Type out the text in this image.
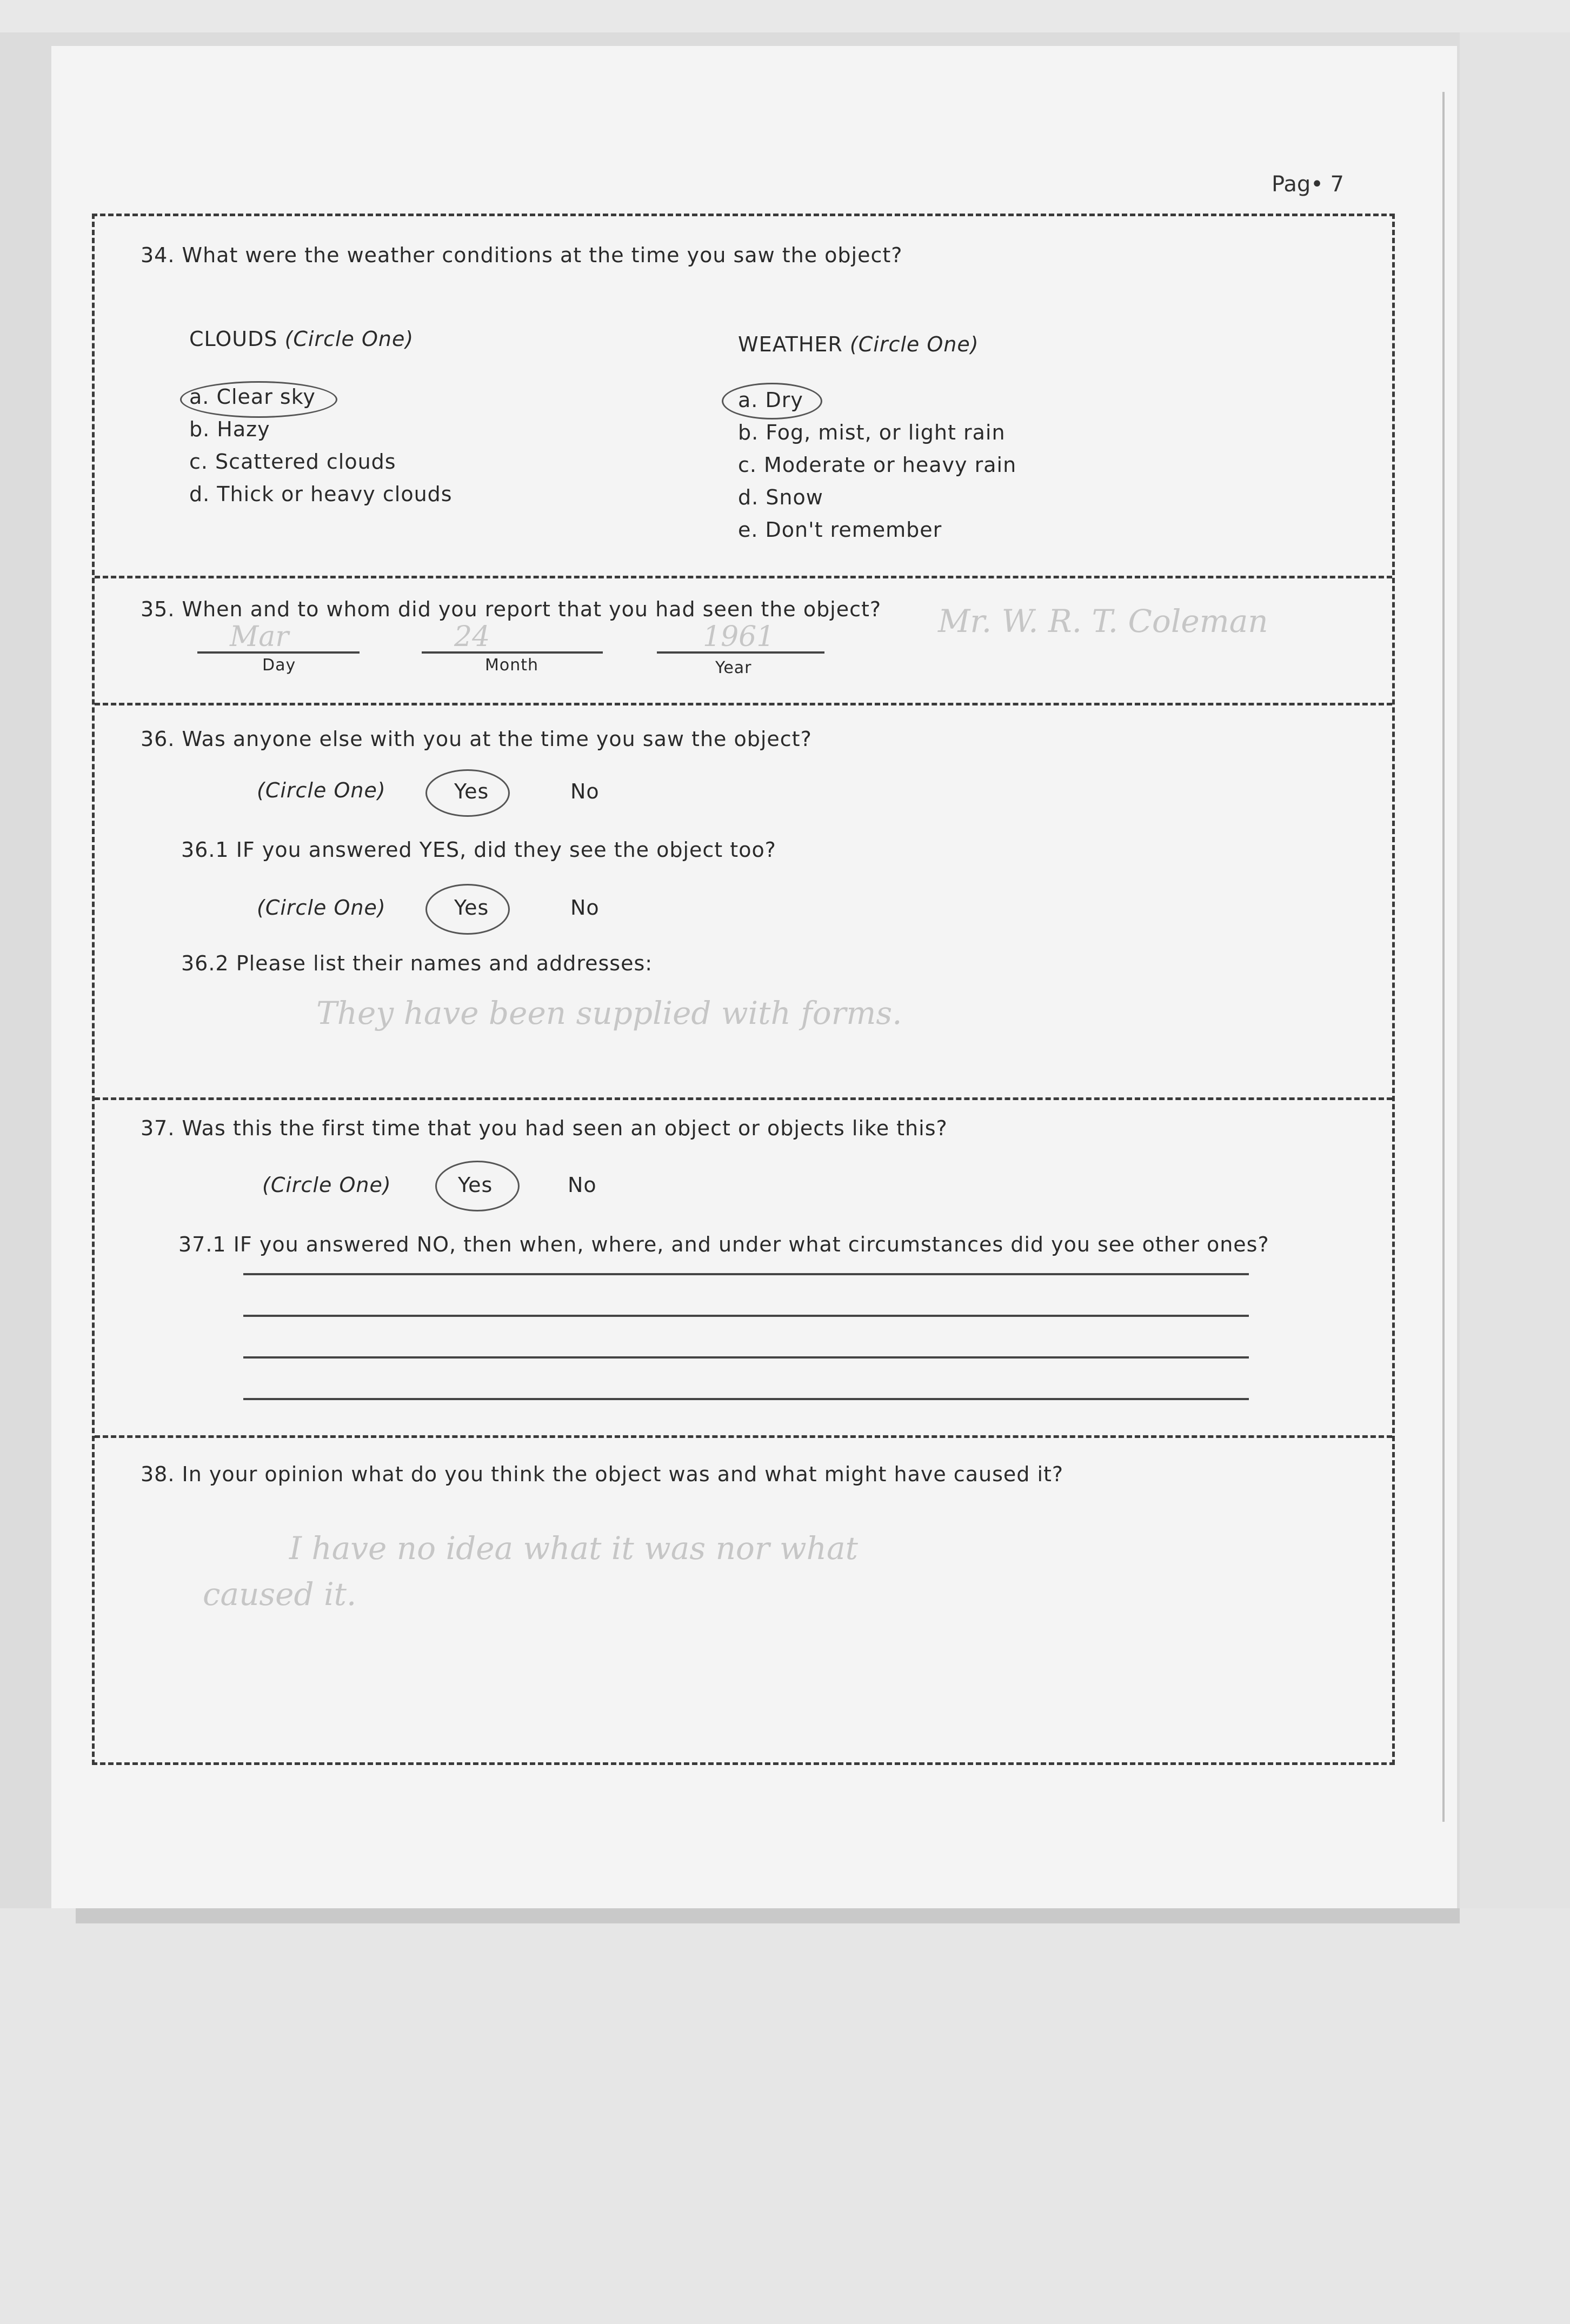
Pag• 7
34. What were the weather conditions at the time you saw the object?
CLOUDS (Circle One)
a. Clear sky
b. Hazy
c. Scattered clouds
d. Thick or heavy clouds
WEATHER (Circle One)
a. Dry
b. Fog, mist, or light rain
c. Moderate or heavy rain
d. Snow
e. Don't remember
35. When and to whom did you report that you had seen the object? Mr. W. R. T. Coleman
Mar
Day
24
Month
1961
Year
36. Was anyone else with you at the time you saw the object?
(Circle One)	Yes	No
36.1 IF you answered YES, did they see the object too?
(Circle One)	Yes	No
36.2 Please list their names and addresses:
They have been supplied with forms.
37. Was this the first time that you had seen an object or objects like this?
(Circle One)	Yes	No
37.1 IF you answered NO, then when, where, and under what circumstances did you see other ones?
38. In your opinion what do you think the object was and what might have caused it?
I have no idea what it was nor what
caused it.
